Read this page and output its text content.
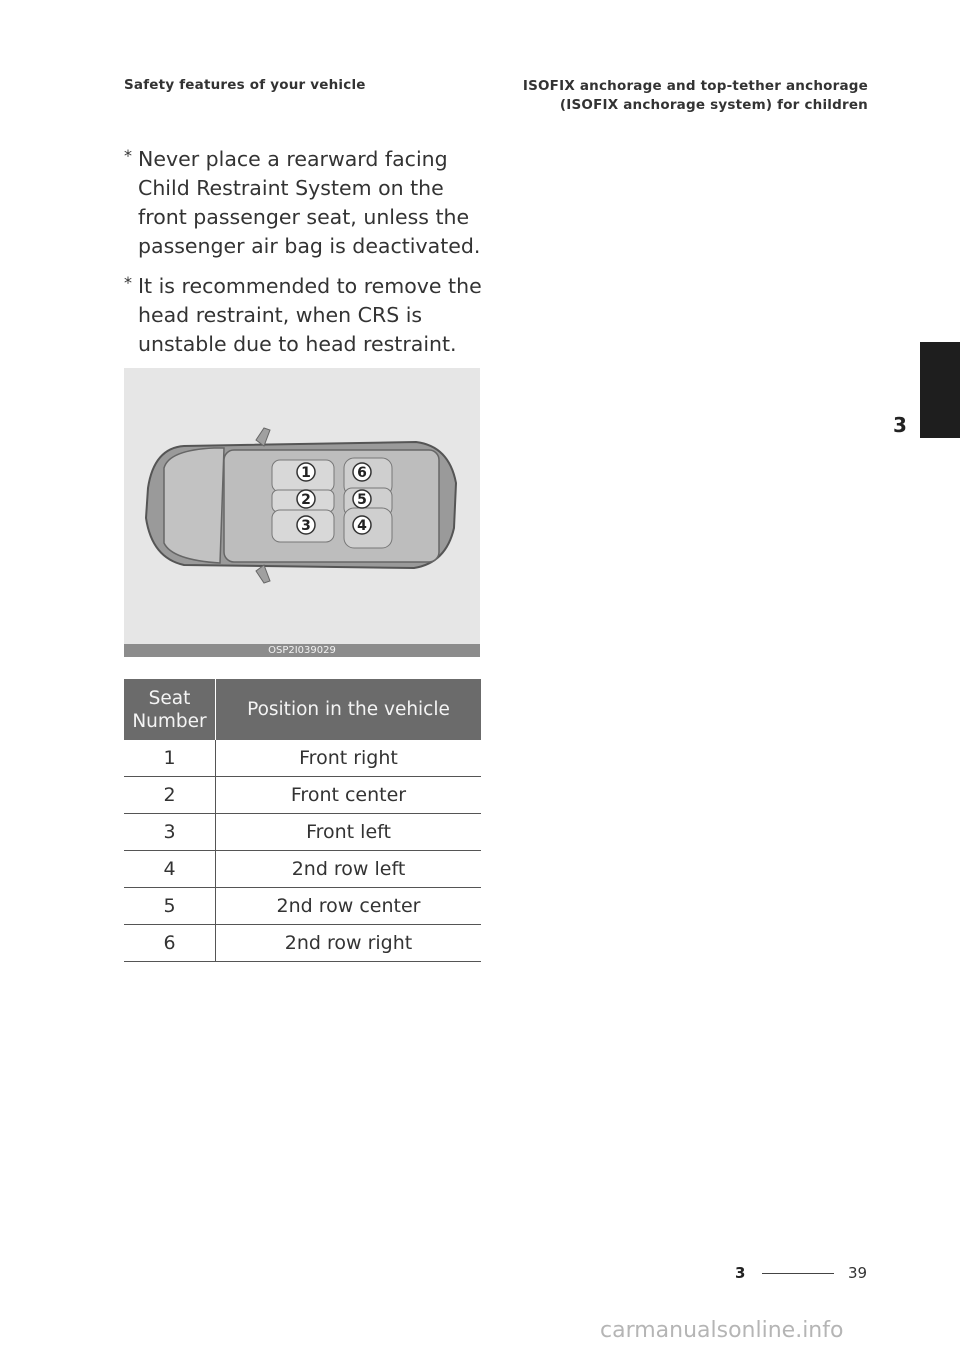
Safety features of your vehicle	ISOFIX anchorage and top-tether anchorage
(ISOFIX anchorage system) for children
* Never place a rearward facing Child Restraint System on the front passenger seat, unless the passenger air bag is deactivated.
* It is recommended to remove the head restraint, when CRS is unstable due to head restraint.
1
2
3	4
5
6
OSP2I039029
Seat
Number	Position in the vehicle
1	Front right
2	Front center
3	Front left
4	2nd row left
5	2nd row center
6	2nd row right
3
3	39
carmanualsonline.info
